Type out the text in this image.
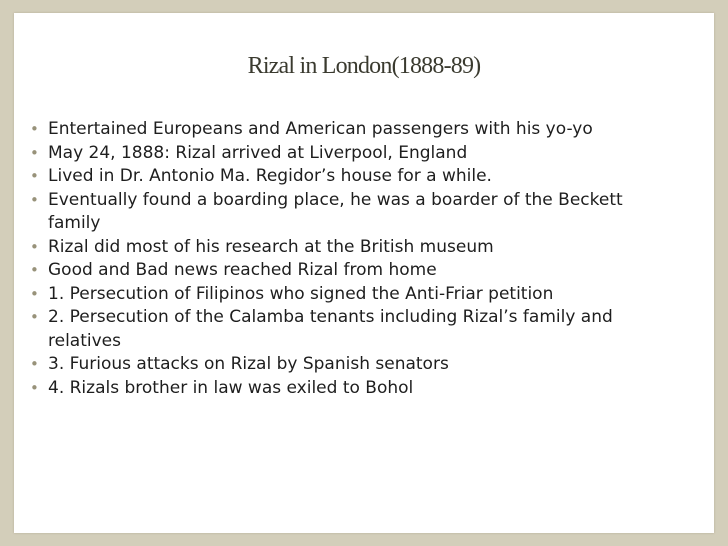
Rizal in London(1888-89)
• Entertained Europeans and American passengers with his yo-yo
• May 24, 1888: Rizal arrived at Liverpool, England
• Lived in Dr. Antonio Ma. Regidor’s house for a while.
• Eventually found a boarding place, he was a boarder of the Beckett family
• Rizal did most of his research at the British museum
• Good and Bad news reached Rizal from home
• 1. Persecution of Filipinos who signed the Anti-Friar petition
• 2. Persecution of the Calamba tenants including Rizal’s family and relatives
• 3. Furious attacks on Rizal by Spanish senators
• 4. Rizals brother in law was exiled to Bohol
